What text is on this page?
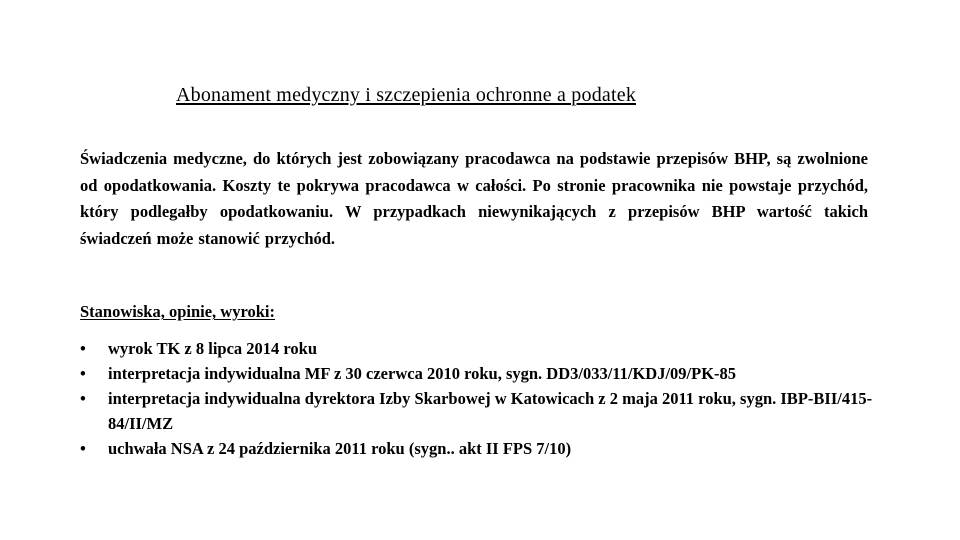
Abonament medyczny i szczepienia ochronne a podatek
Świadczenia medyczne, do których jest zobowiązany pracodawca na podstawie przepisów BHP, są zwolnione od opodatkowania. Koszty te pokrywa pracodawca w całości. Po stronie pracownika nie powstaje przychód, który podlegałby opodatkowaniu. W przypadkach niewynikających z przepisów BHP wartość takich świadczeń może stanowić przychód.
Stanowiska, opinie, wyroki:
•	wyrok TK z 8 lipca 2014 roku
•	interpretacja indywidualna MF z 30 czerwca 2010 roku, sygn. DD3/033/11/KDJ/09/PK-85
•	interpretacja indywidualna dyrektora Izby Skarbowej w Katowicach z 2 maja 2011 roku, sygn. IBP-BII/415-84/II/MZ
•	uchwała NSA z 24 października 2011 roku (sygn.. akt II FPS 7/10)
